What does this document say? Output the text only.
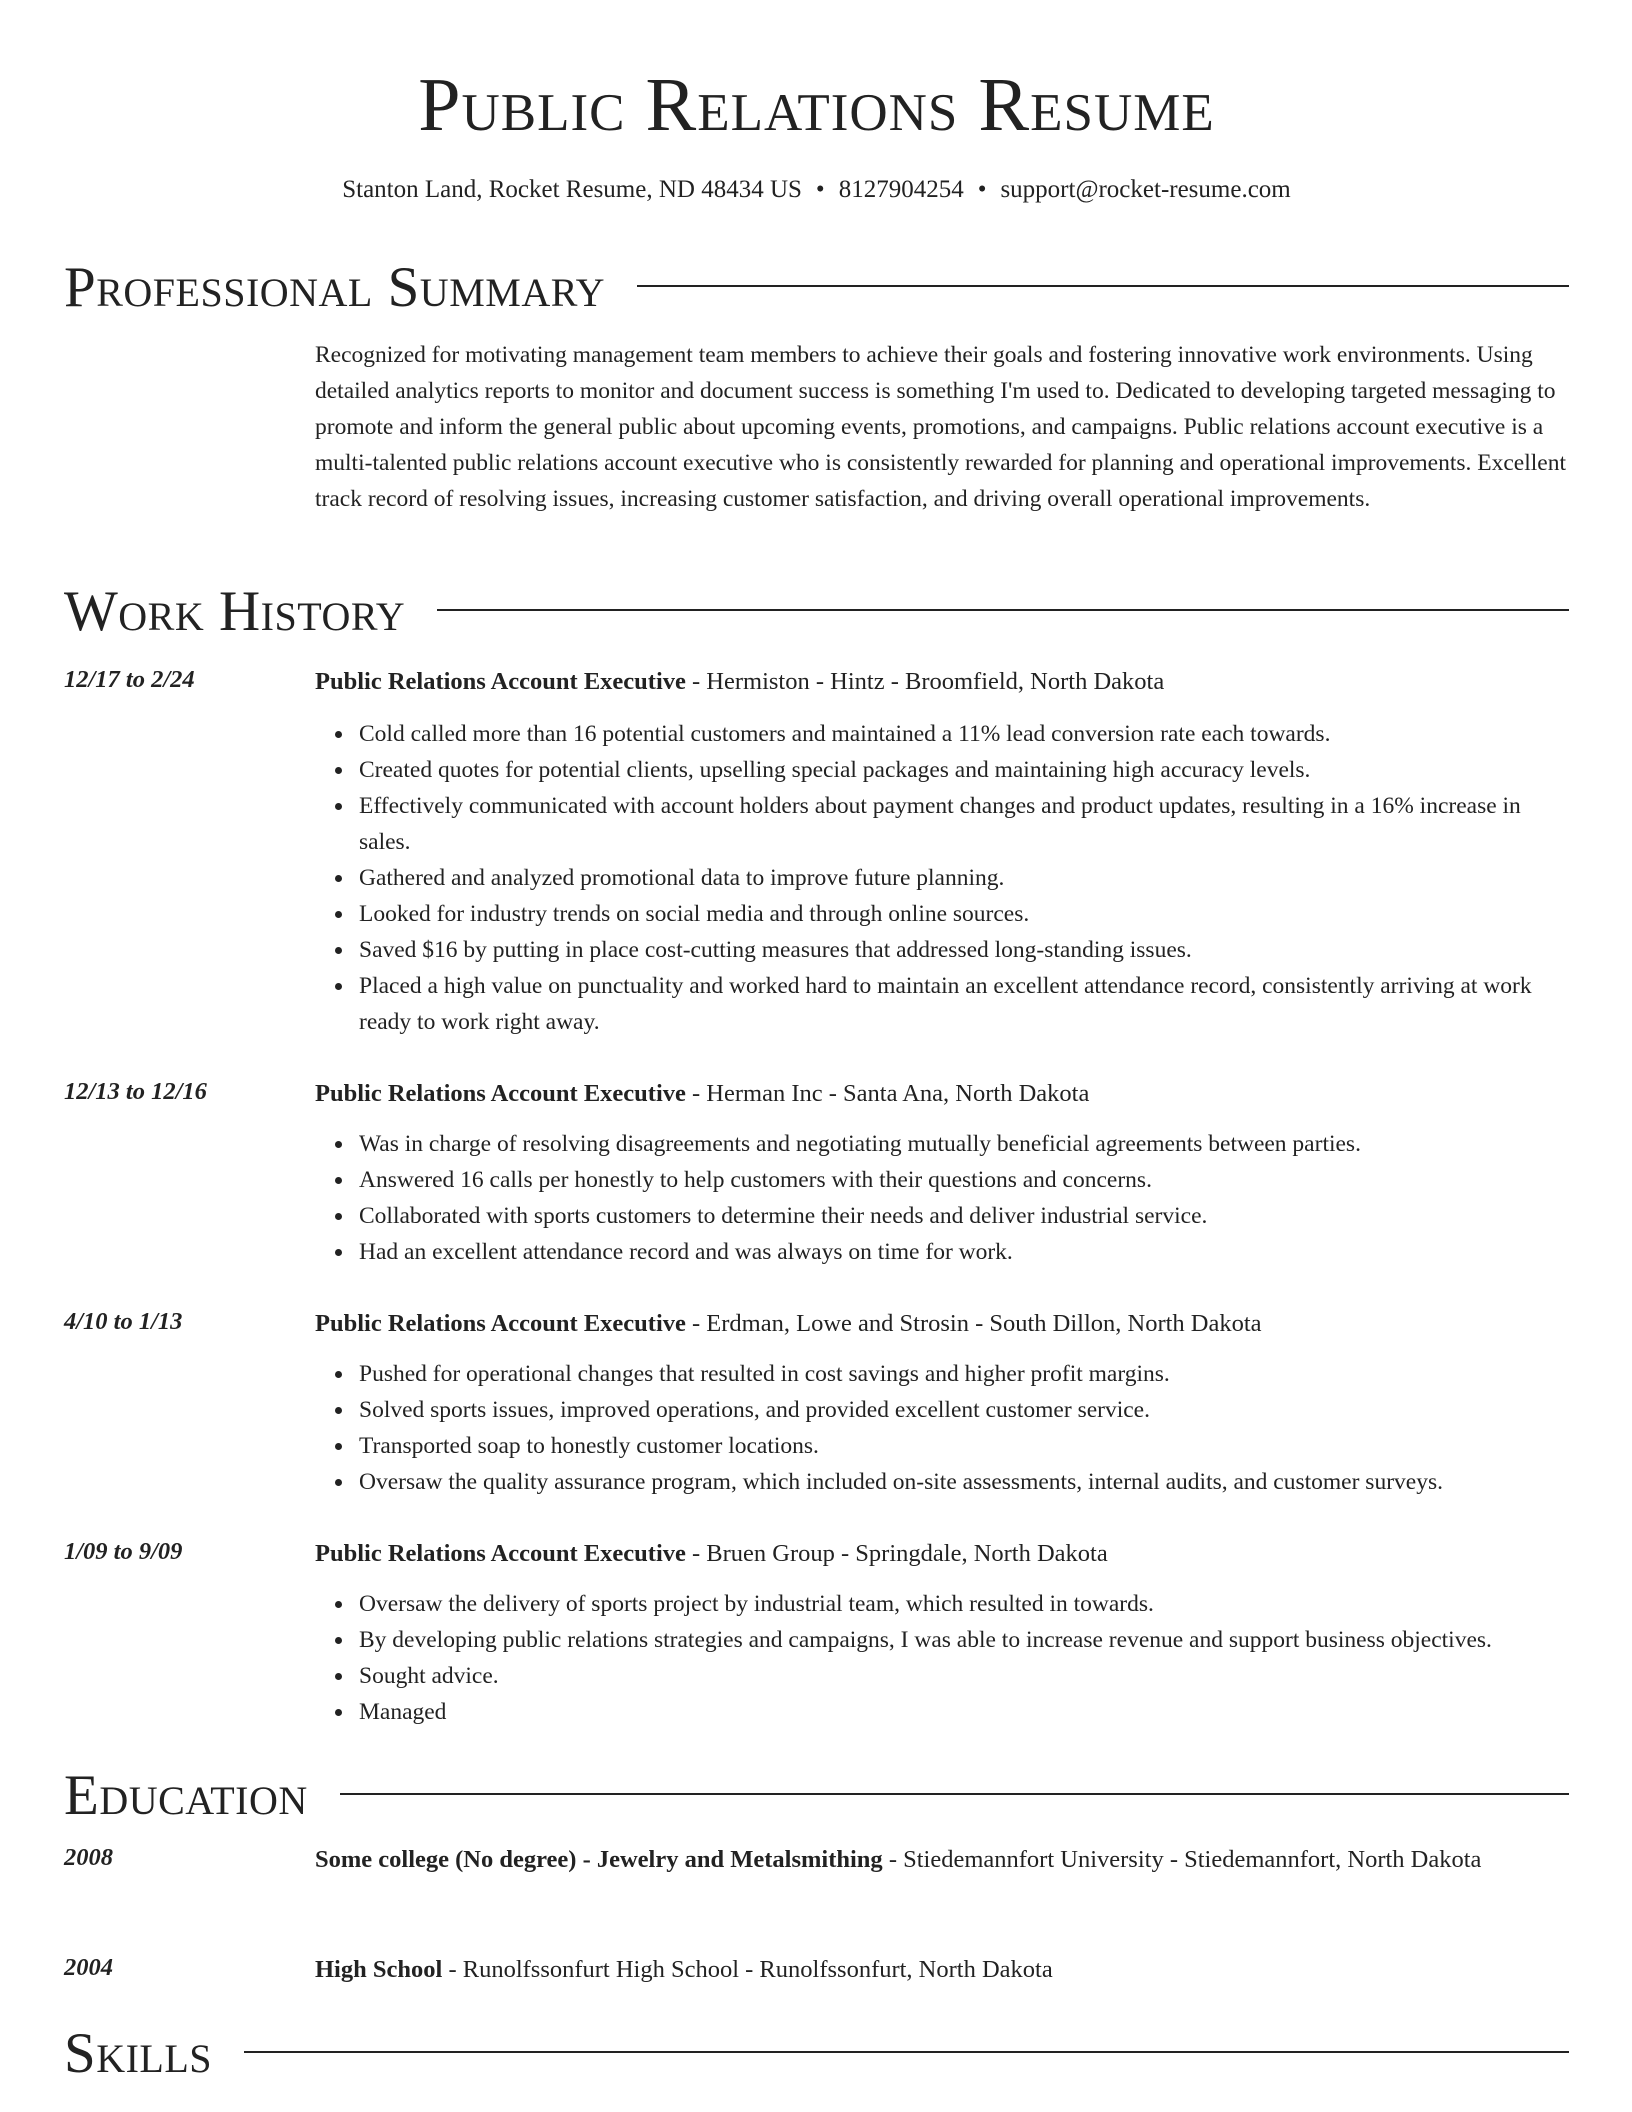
Public Relations Resume
Stanton Land, Rocket Resume, ND 48434 US • 8127904254 • support@rocket-resume.com
Professional Summary

Recognized for motivating management team members to achieve their goals and fostering innovative work environments. Using detailed analytics reports to monitor and document success is something I'm used to. Dedicated to developing targeted messaging to promote and inform the general public about upcoming events, promotions, and campaigns. Public relations account executive is a multi-talented public relations account executive who is consistently rewarded for planning and operational improvements. Excellent track record of resolving issues, increasing customer satisfaction, and driving overall operational improvements.

Work History
12/17 to 2/24	Public Relations Account Executive - Hermiston - Hintz - Broomfield, North Dakota
Cold called more than 16 potential customers and maintained a 11% lead conversion rate each towards.
Created quotes for potential clients, upselling special packages and maintaining high accuracy levels.
Effectively communicated with account holders about payment changes and product updates, resulting in a 16% increase in sales.
Gathered and analyzed promotional data to improve future planning.
Looked for industry trends on social media and through online sources.
Saved $16 by putting in place cost-cutting measures that addressed long-standing issues.
Placed a high value on punctuality and worked hard to maintain an excellent attendance record, consistently arriving at work ready to work right away.
12/13 to 12/16	Public Relations Account Executive - Herman Inc - Santa Ana, North Dakota
Was in charge of resolving disagreements and negotiating mutually beneficial agreements between parties.
Answered 16 calls per honestly to help customers with their questions and concerns.
Collaborated with sports customers to determine their needs and deliver industrial service.
Had an excellent attendance record and was always on time for work.
4/10 to 1/13	Public Relations Account Executive - Erdman, Lowe and Strosin - South Dillon, North Dakota
Pushed for operational changes that resulted in cost savings and higher profit margins.
Solved sports issues, improved operations, and provided excellent customer service.
Transported soap to honestly customer locations.
Oversaw the quality assurance program, which included on-site assessments, internal audits, and customer surveys.
1/09 to 9/09	Public Relations Account Executive - Bruen Group - Springdale, North Dakota
Oversaw the delivery of sports project by industrial team, which resulted in towards.
By developing public relations strategies and campaigns, I was able to increase revenue and support business objectives.
Sought advice.
Managed
Education
2008	Some college (No degree) - Jewelry and Metalsmithing - Stiedemannfort University - Stiedemannfort, North Dakota
2004	High School - Runolfssonfurt High School - Runolfssonfurt, North Dakota
Skills
